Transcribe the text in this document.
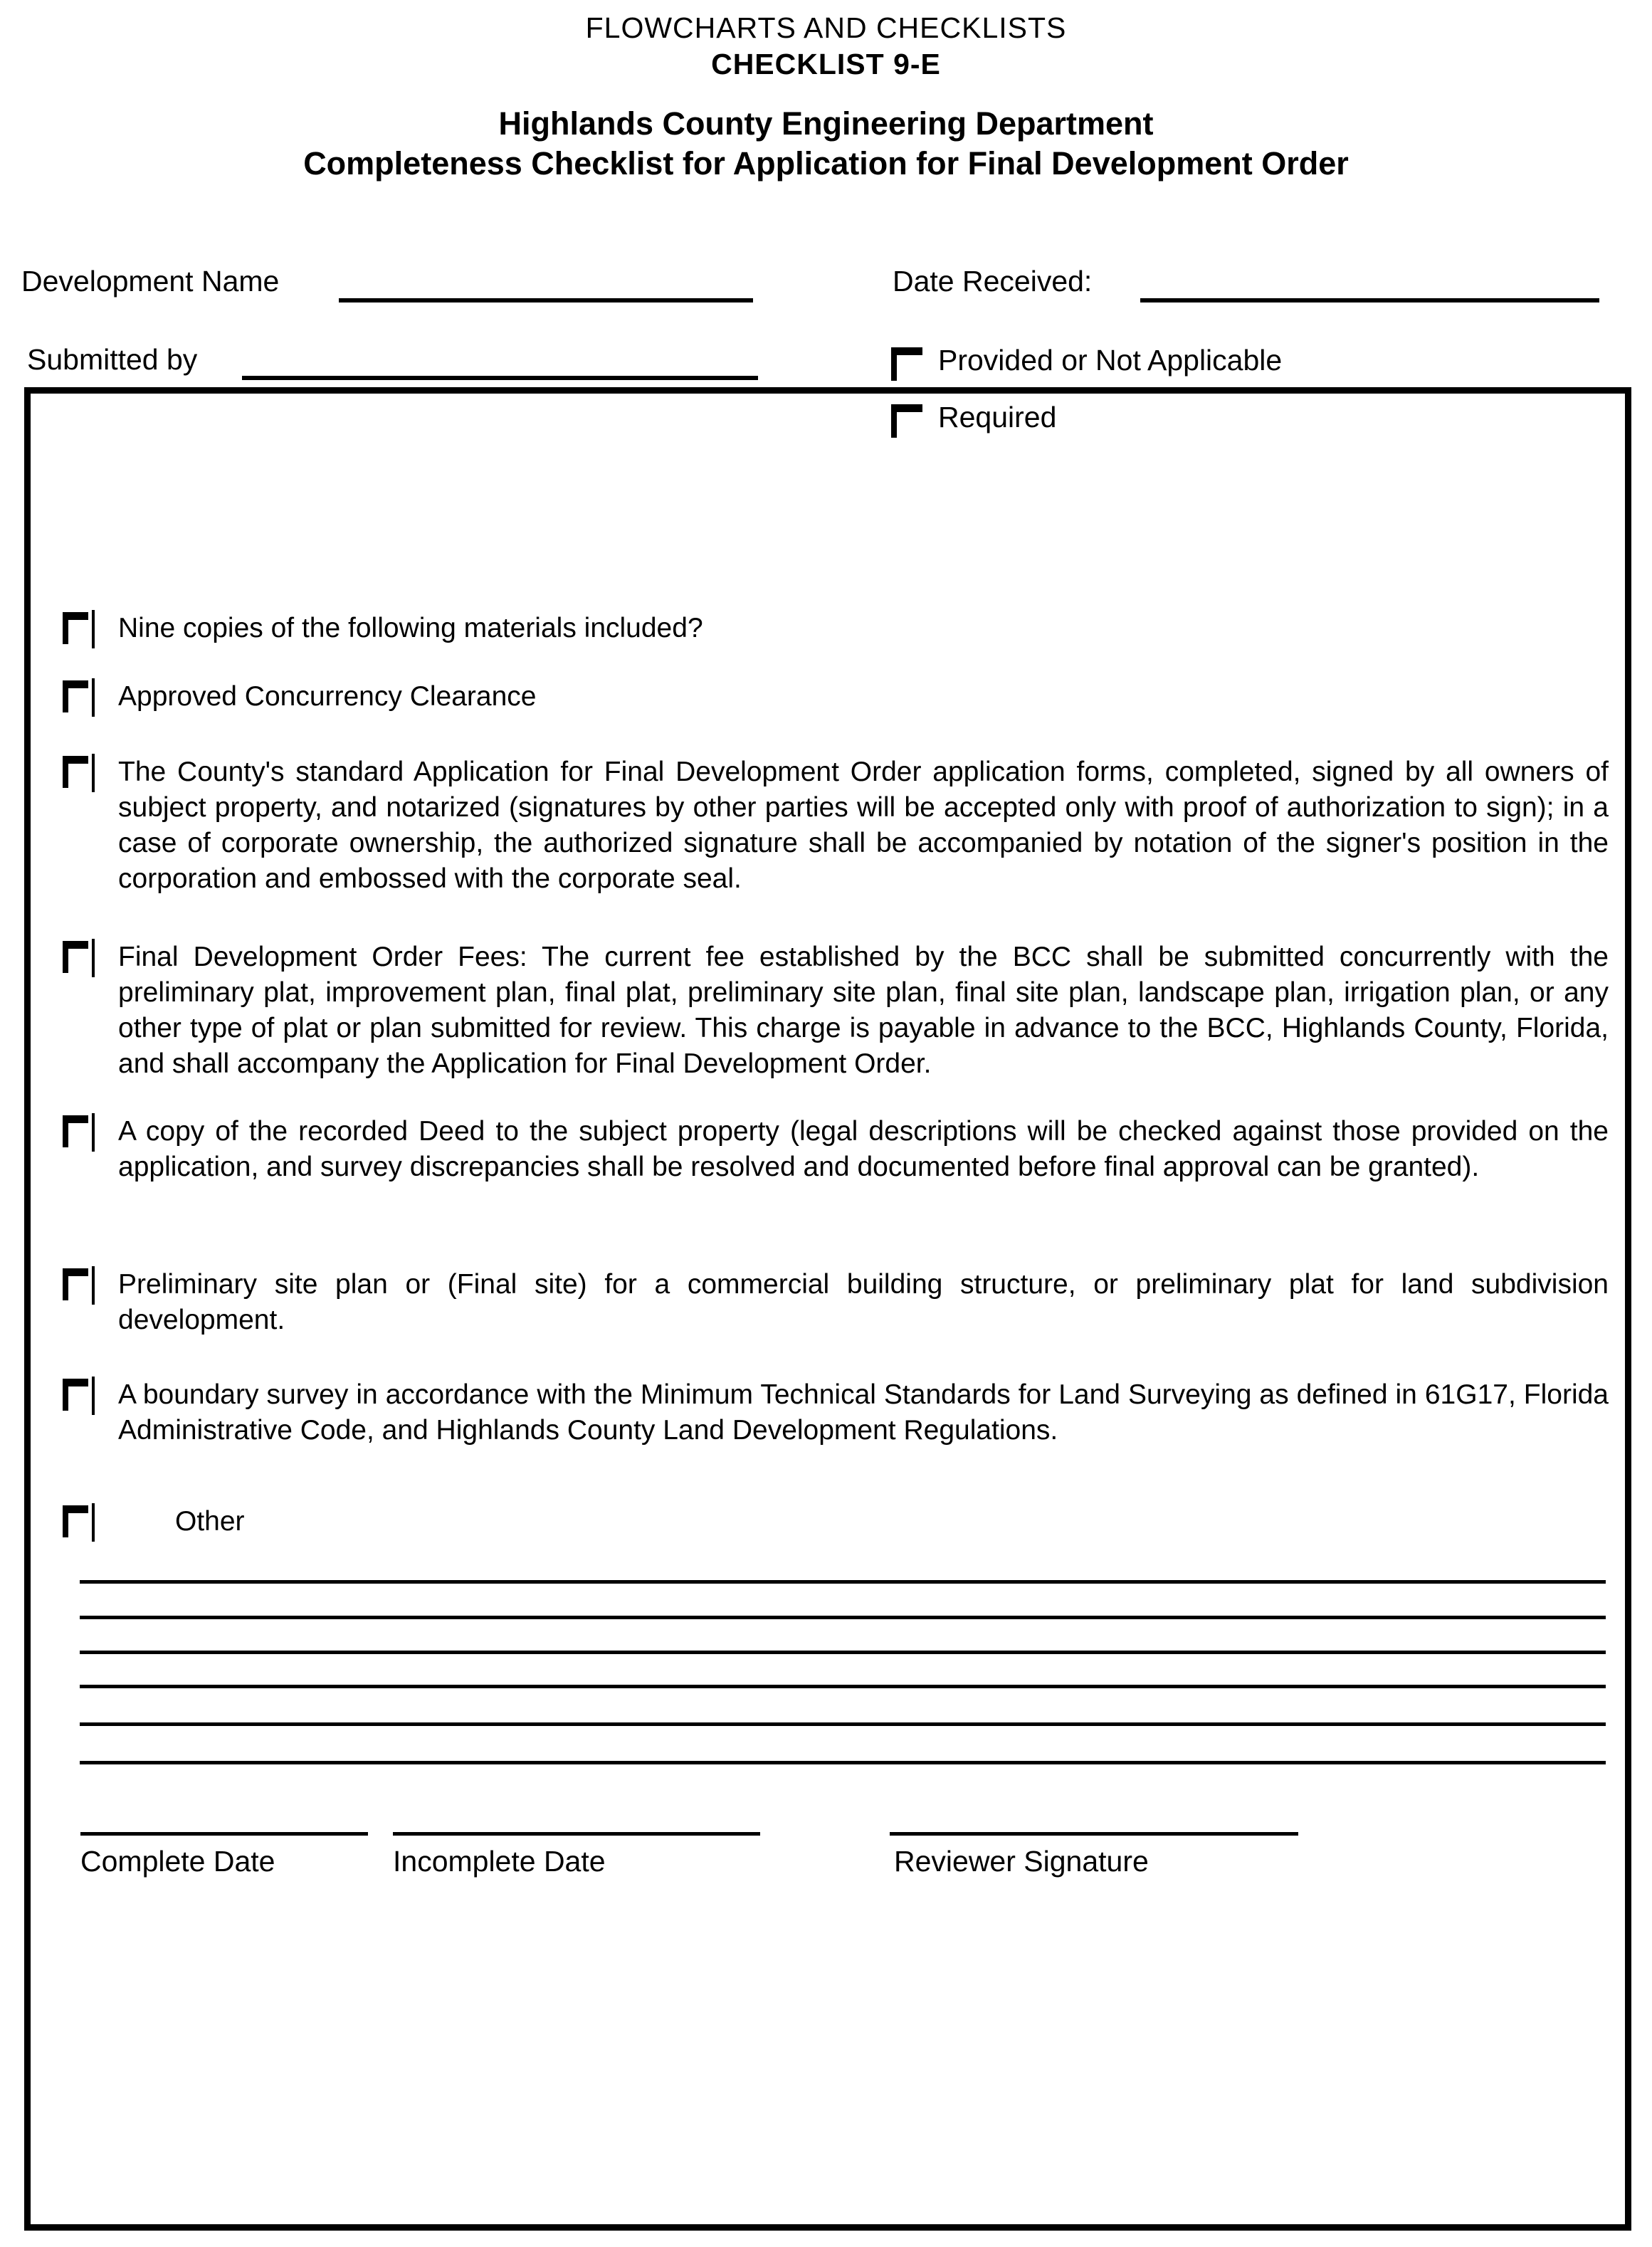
FLOWCHARTS AND CHECKLISTS
CHECKLIST 9-E
Highlands County Engineering Department
Completeness Checklist for Application for Final Development Order
Development Name	Date Received:
Submitted by	Provided or Not Applicable
Required
Nine copies of the following materials included?
Approved Concurrency Clearance
The County's standard Application for Final Development Order application forms, completed, signed by all owners of subject property, and notarized (signatures by other parties will be accepted only with proof of authorization to sign); in a case of corporate ownership, the authorized signature shall be accompanied by notation of the signer's position in the corporation and embossed with the corporate seal.
Final Development Order Fees: The current fee established by the BCC shall be submitted concurrently with the preliminary plat, improvement plan, final plat, preliminary site plan, final site plan, landscape plan, irrigation plan, or any other type of plat or plan submitted for review. This charge is payable in advance to the BCC, Highlands County, Florida, and shall accompany the Application for Final Development Order.
A copy of the recorded Deed to the subject property (legal descriptions will be checked against those provided on the application, and survey discrepancies shall be resolved and documented before final approval can be granted).
Preliminary site plan or (Final site) for a commercial building structure, or preliminary plat for land subdivision development.
A boundary survey in accordance with the Minimum Technical Standards for Land Surveying as defined in 61G17, Florida Administrative Code, and Highlands County Land Development Regulations.
Other
Complete Date	Incomplete Date	Reviewer Signature
